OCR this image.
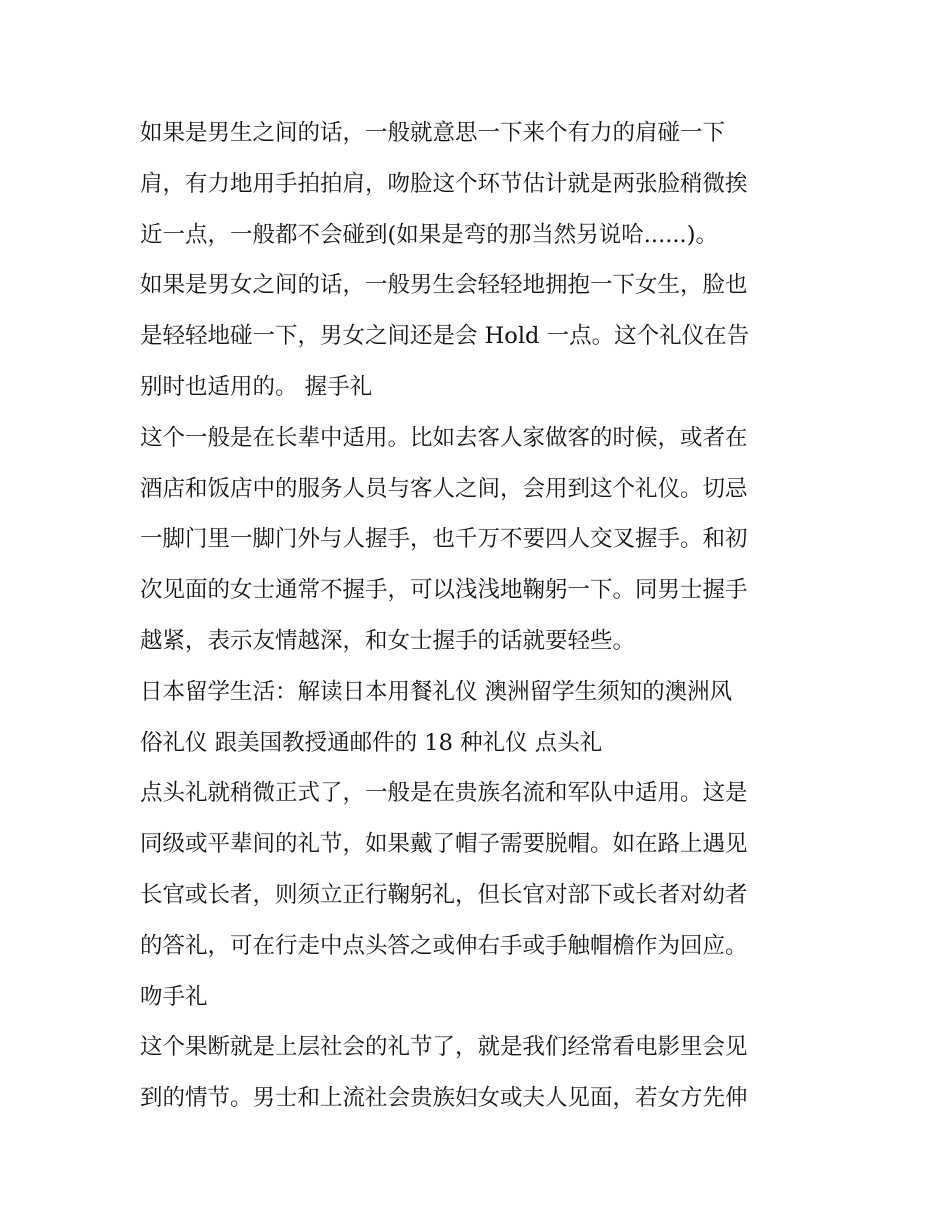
如果是男生之间的话，一般就意思一下来个有力的肩碰一下
肩，有力地用手拍拍肩，吻脸这个环节估计就是两张脸稍微挨
近一点，一般都不会碰到(如果是弯的那当然另说哈......)。
如果是男女之间的话，一般男生会轻轻地拥抱一下女生，脸也
是轻轻地碰一下，男女之间还是会 Hold 一点。这个礼仪在告
别时也适用的。 握手礼
这个一般是在长辈中适用。比如去客人家做客的时候，或者在
酒店和饭店中的服务人员与客人之间，会用到这个礼仪。切忌
一脚门里一脚门外与人握手，也千万不要四人交叉握手。和初
次见面的女士通常不握手，可以浅浅地鞠躬一下。同男士握手
越紧，表示友情越深，和女士握手的话就要轻些。
日本留学生活：解读日本用餐礼仪 澳洲留学生须知的澳洲风
俗礼仪 跟美国教授通邮件的 18 种礼仪 点头礼
点头礼就稍微正式了，一般是在贵族名流和军队中适用。这是
同级或平辈间的礼节，如果戴了帽子需要脱帽。如在路上遇见
长官或长者，则须立正行鞠躬礼，但长官对部下或长者对幼者
的答礼，可在行走中点头答之或伸右手或手触帽檐作为回应。
吻手礼
这个果断就是上层社会的礼节了，就是我们经常看电影里会见
到的情节。男士和上流社会贵族妇女或夫人见面，若女方先伸
